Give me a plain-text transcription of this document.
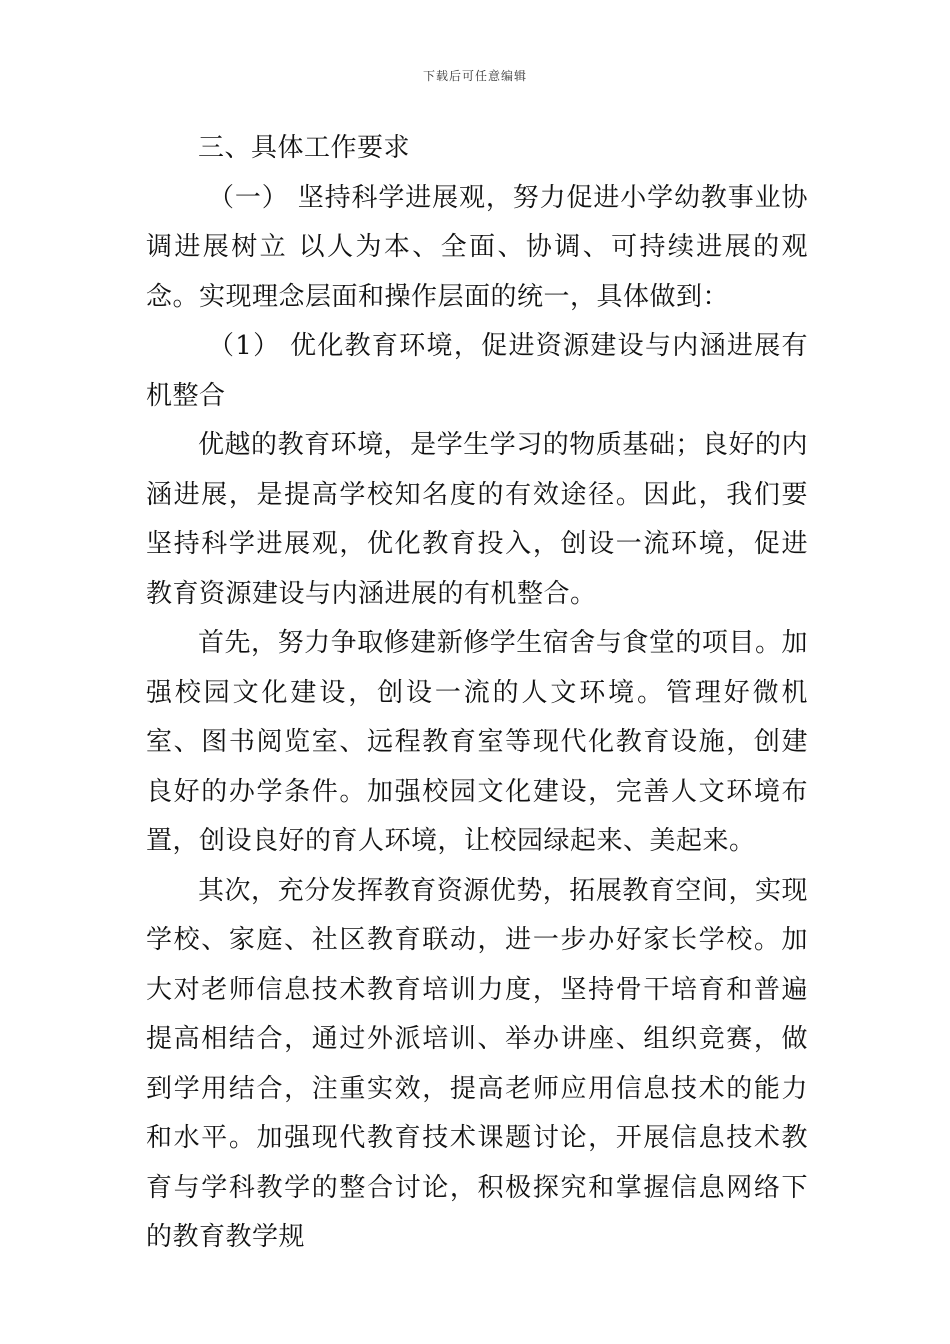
下载后可任意编辑

三、具体工作要求

（一） 坚持科学进展观，努力促进小学幼教事业协调进展树立 以人为本、全面、协调、可持续进展的观念。实现理念层面和操作层面的统一，具体做到：

（1） 优化教育环境，促进资源建设与内涵进展有机整合

优越的教育环境，是学生学习的物质基础；良好的内涵进展，是提高学校知名度的有效途径。因此，我们要坚持科学进展观，优化教育投入，创设一流环境，促进教育资源建设与内涵进展的有机整合。

首先，努力争取修建新修学生宿舍与食堂的项目。加强校园文化建设，创设一流的人文环境。管理好微机室、图书阅览室、远程教育室等现代化教育设施，创建良好的办学条件。加强校园文化建设，完善人文环境布置，创设良好的育人环境，让校园绿起来、美起来。

其次，充分发挥教育资源优势，拓展教育空间，实现学校、家庭、社区教育联动，进一步办好家长学校。加大对老师信息技术教育培训力度，坚持骨干培育和普遍提高相结合，通过外派培训、举办讲座、组织竞赛，做到学用结合，注重实效，提高老师应用信息技术的能力和水平。加强现代教育技术课题讨论，开展信息技术教育与学科教学的整合讨论，积极探究和掌握信息网络下的教育教学规
